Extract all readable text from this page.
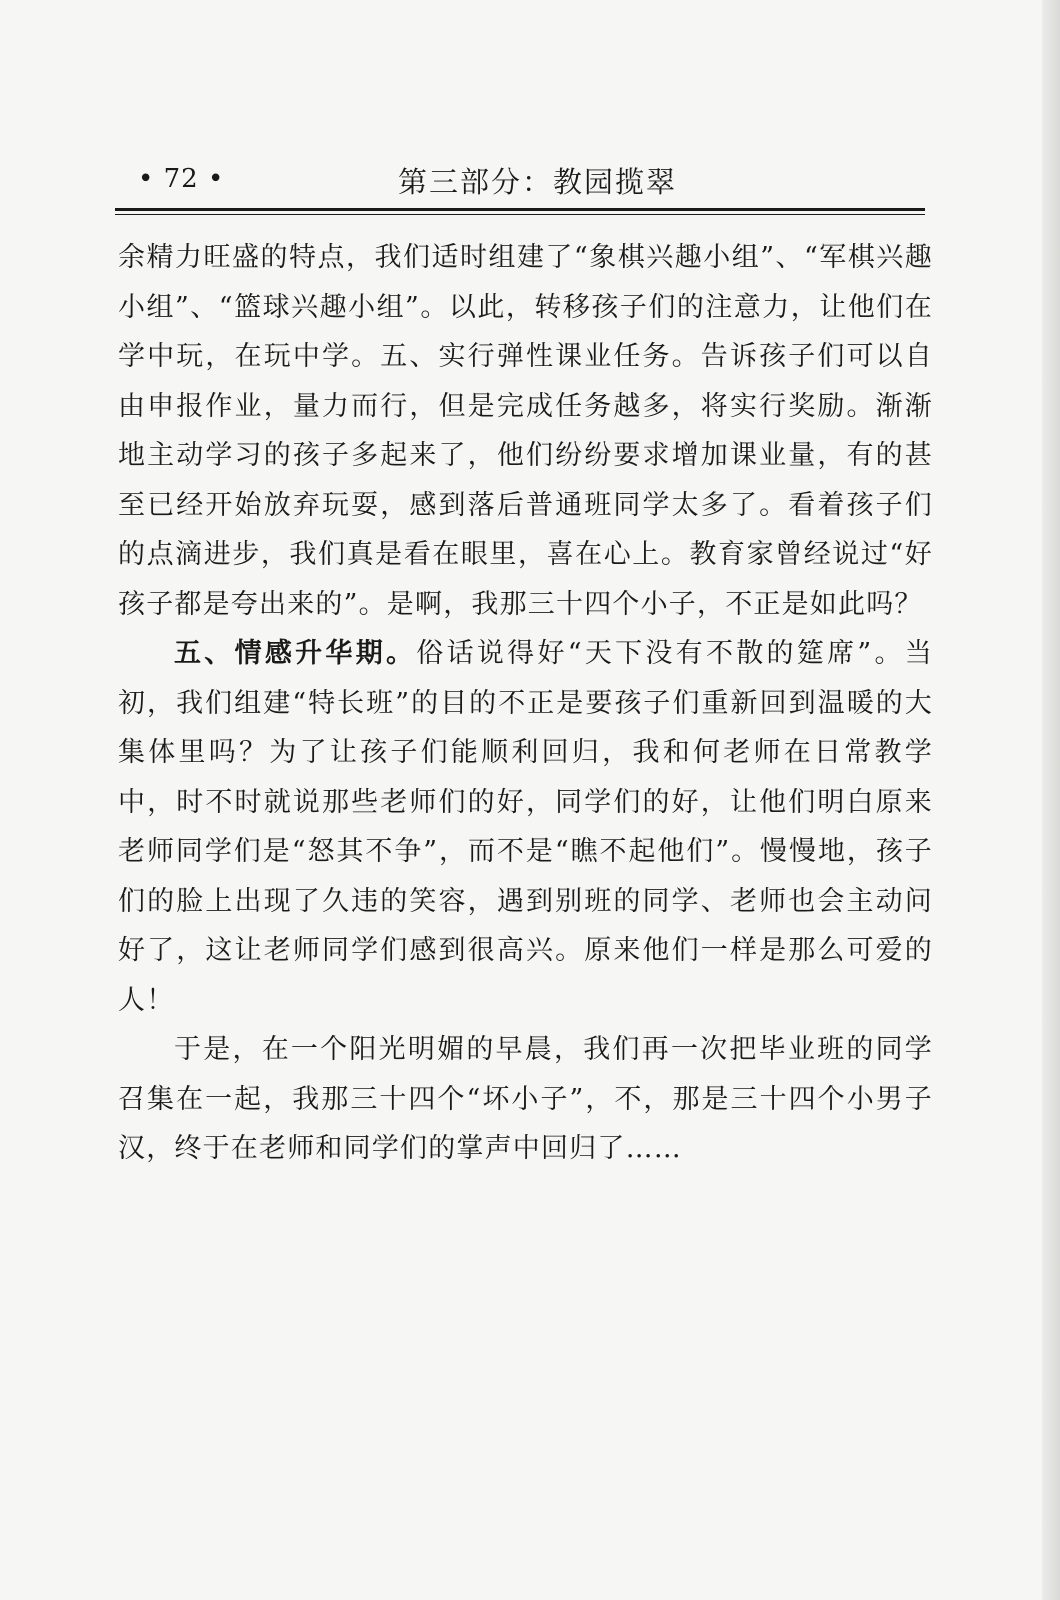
• 72 •	第三部分：教园揽翠

余精力旺盛的特点，我们适时组建了“象棋兴趣小组”、“军棋兴趣小组”、“篮球兴趣小组”。以此，转移孩子们的注意力，让他们在学中玩，在玩中学。五、实行弹性课业任务。告诉孩子们可以自由申报作业，量力而行，但是完成任务越多，将实行奖励。渐渐地主动学习的孩子多起来了，他们纷纷要求增加课业量，有的甚至已经开始放弃玩耍，感到落后普通班同学太多了。看着孩子们的点滴进步，我们真是看在眼里，喜在心上。教育家曾经说过“好孩子都是夸出来的”。是啊，我那三十四个小子，不正是如此吗？

五、情感升华期。俗话说得好“天下没有不散的筵席”。当初，我们组建“特长班”的目的不正是要孩子们重新回到温暖的大集体里吗？为了让孩子们能顺利回归，我和何老师在日常教学中，时不时就说那些老师们的好，同学们的好，让他们明白原来老师同学们是“怒其不争”，而不是“瞧不起他们”。慢慢地，孩子们的脸上出现了久违的笑容，遇到别班的同学、老师也会主动问好了，这让老师同学们感到很高兴。原来他们一样是那么可爱的人！

于是，在一个阳光明媚的早晨，我们再一次把毕业班的同学召集在一起，我那三十四个“坏小子”，不，那是三十四个小男子汉，终于在老师和同学们的掌声中回归了……
